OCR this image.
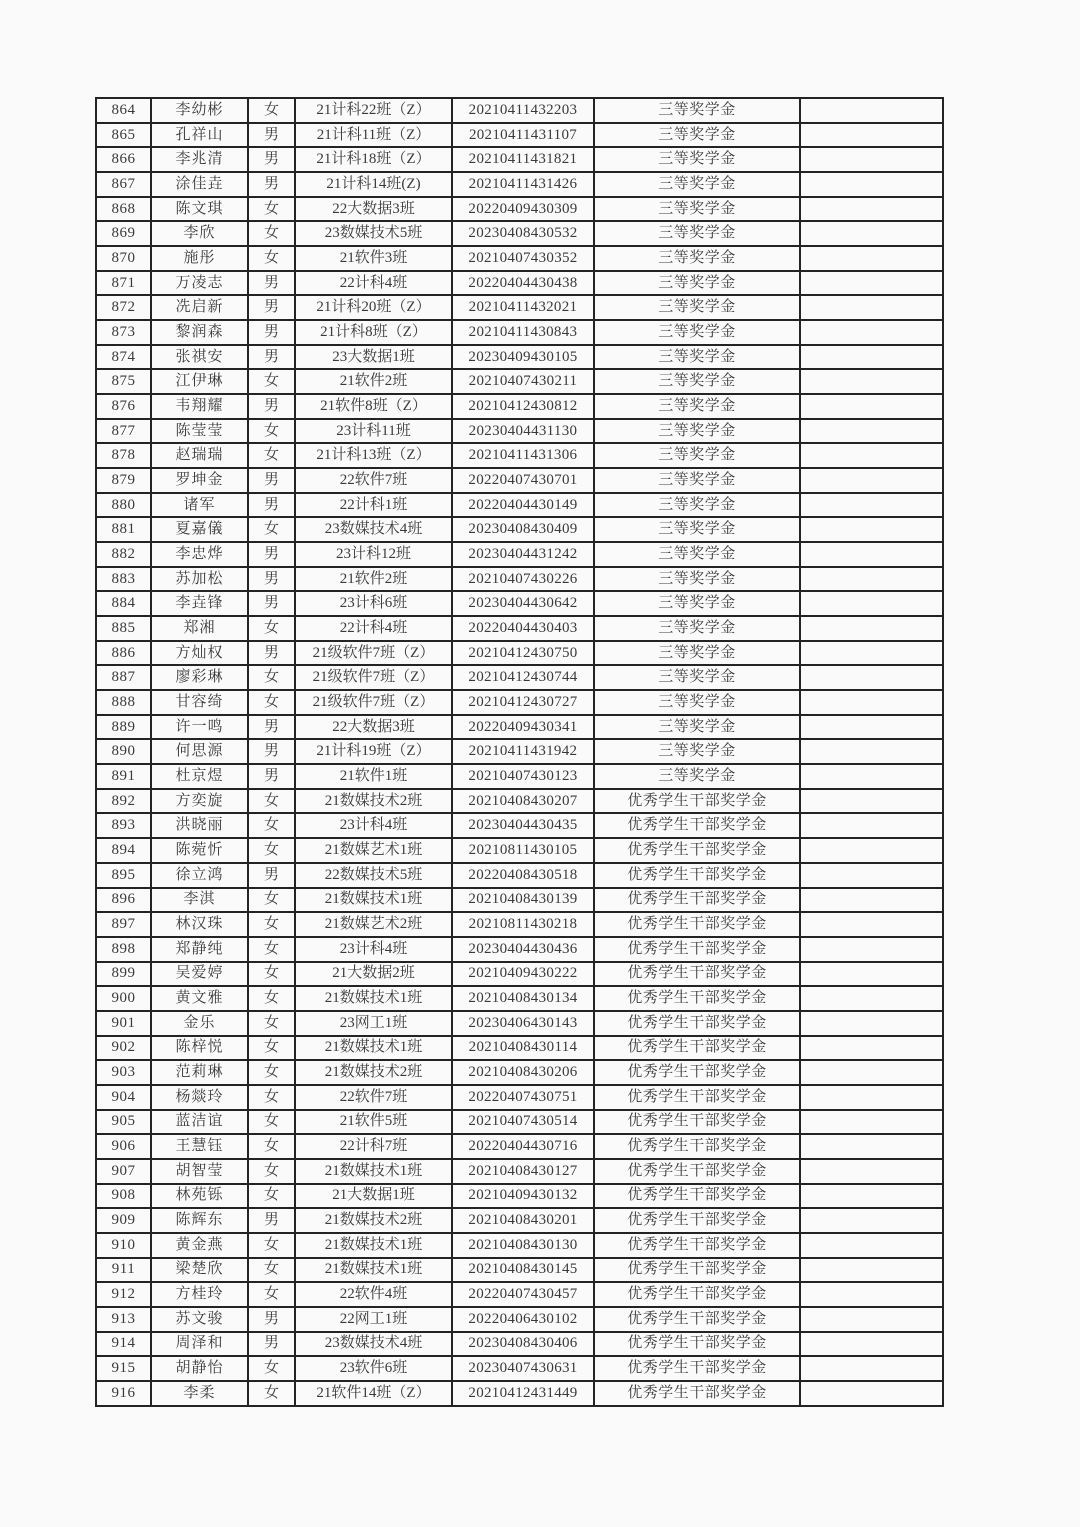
864	李幼彬	女	21计科22班（Z）	20210411432203	三等奖学金	
865	孔祥山	男	21计科11班（Z）	20210411431107	三等奖学金	
866	李兆清	男	21计科18班（Z）	20210411431821	三等奖学金	
867	涂佳垚	男	21计科14班(Z)	20210411431426	三等奖学金	
868	陈文琪	女	22大数据3班	20220409430309	三等奖学金	
869	李欣	女	23数媒技术5班	20230408430532	三等奖学金	
870	施彤	女	21软件3班	20210407430352	三等奖学金	
871	万凌志	男	22计科4班	20220404430438	三等奖学金	
872	冼启新	男	21计科20班（Z）	20210411432021	三等奖学金	
873	黎润森	男	21计科8班（Z）	20210411430843	三等奖学金	
874	张祺安	男	23大数据1班	20230409430105	三等奖学金	
875	江伊琳	女	21软件2班	20210407430211	三等奖学金	
876	韦翔耀	男	21软件8班（Z）	20210412430812	三等奖学金	
877	陈莹莹	女	23计科11班	20230404431130	三等奖学金	
878	赵瑞瑞	女	21计科13班（Z）	20210411431306	三等奖学金	
879	罗坤金	男	22软件7班	20220407430701	三等奖学金	
880	诸军	男	22计科1班	20220404430149	三等奖学金	
881	夏嘉儀	女	23数媒技术4班	20230408430409	三等奖学金	
882	李忠烨	男	23计科12班	20230404431242	三等奖学金	
883	苏加松	男	21软件2班	20210407430226	三等奖学金	
884	李垚锋	男	23计科6班	20230404430642	三等奖学金	
885	郑湘	女	22计科4班	20220404430403	三等奖学金	
886	方灿权	男	21级软件7班（Z）	20210412430750	三等奖学金	
887	廖彩琳	女	21级软件7班（Z）	20210412430744	三等奖学金	
888	甘容绮	女	21级软件7班（Z）	20210412430727	三等奖学金	
889	许一鸣	男	22大数据3班	20220409430341	三等奖学金	
890	何思源	男	21计科19班（Z）	20210411431942	三等奖学金	
891	杜京煜	男	21软件1班	20210407430123	三等奖学金	
892	方奕旋	女	21数媒技术2班	20210408430207	优秀学生干部奖学金	
893	洪晓丽	女	23计科4班	20230404430435	优秀学生干部奖学金	
894	陈菀忻	女	21数媒艺术1班	20210811430105	优秀学生干部奖学金	
895	徐立鸿	男	22数媒技术5班	20220408430518	优秀学生干部奖学金	
896	李淇	女	21数媒技术1班	20210408430139	优秀学生干部奖学金	
897	林汉珠	女	21数媒艺术2班	20210811430218	优秀学生干部奖学金	
898	郑静纯	女	23计科4班	20230404430436	优秀学生干部奖学金	
899	吴爱婷	女	21大数据2班	20210409430222	优秀学生干部奖学金	
900	黄文雅	女	21数媒技术1班	20210408430134	优秀学生干部奖学金	
901	金乐	女	23网工1班	20230406430143	优秀学生干部奖学金	
902	陈梓悦	女	21数媒技术1班	20210408430114	优秀学生干部奖学金	
903	范莉琳	女	21数媒技术2班	20210408430206	优秀学生干部奖学金	
904	杨燚玲	女	22软件7班	20220407430751	优秀学生干部奖学金	
905	蓝洁谊	女	21软件5班	20210407430514	优秀学生干部奖学金	
906	王慧钰	女	22计科7班	20220404430716	优秀学生干部奖学金	
907	胡智莹	女	21数媒技术1班	20210408430127	优秀学生干部奖学金	
908	林苑铄	女	21大数据1班	20210409430132	优秀学生干部奖学金	
909	陈辉东	男	21数媒技术2班	20210408430201	优秀学生干部奖学金	
910	黄金燕	女	21数媒技术1班	20210408430130	优秀学生干部奖学金	
911	梁楚欣	女	21数媒技术1班	20210408430145	优秀学生干部奖学金	
912	方桂玲	女	22软件4班	20220407430457	优秀学生干部奖学金	
913	苏文骏	男	22网工1班	20220406430102	优秀学生干部奖学金	
914	周泽和	男	23数媒技术4班	20230408430406	优秀学生干部奖学金	
915	胡静怡	女	23软件6班	20230407430631	优秀学生干部奖学金	
916	李柔	女	21软件14班（Z）	20210412431449	优秀学生干部奖学金	
